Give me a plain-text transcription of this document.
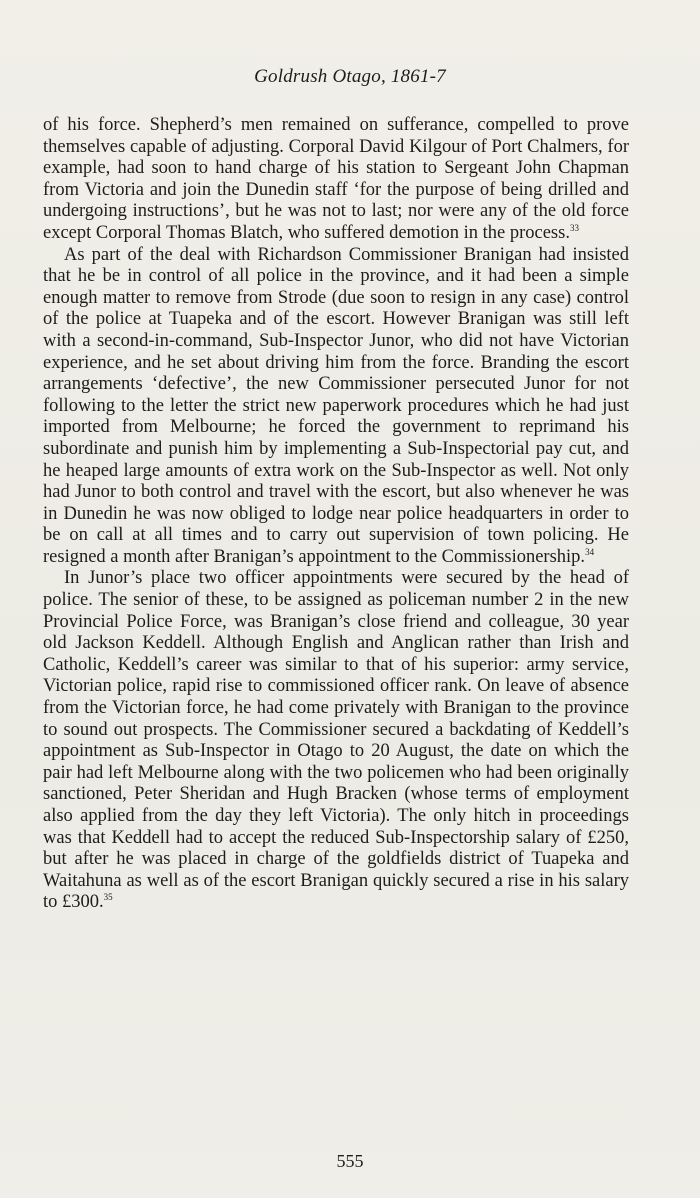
Goldrush Otago, 1861-7

of his force. Shepherd’s men remained on sufferance, compelled to prove themselves capable of adjusting. Corporal David Kilgour of Port Chalmers, for example, had soon to hand charge of his station to Sergeant John Chapman from Victoria and join the Dunedin staff ‘for the purpose of being drilled and undergoing instructions’, but he was not to last; nor were any of the old force except Corporal Thomas Blatch, who suffered demotion in the process.$^{33}$

As part of the deal with Richardson Commissioner Branigan had insisted that he be in control of all police in the province, and it had been a simple enough matter to remove from Strode (due soon to resign in any case) control of the police at Tuapeka and of the escort. However Branigan was still left with a second-in-command, Sub-Inspector Junor, who did not have Victorian experience, and he set about driving him from the force. Branding the escort arrangements ‘defective’, the new Commissioner persecuted Junor for not following to the letter the strict new paperwork procedures which he had just imported from Melbourne; he forced the government to reprimand his subordinate and punish him by implementing a Sub-Inspectorial pay cut, and he heaped large amounts of extra work on the Sub-Inspector as well. Not only had Junor to both control and travel with the escort, but also whenever he was in Dunedin he was now obliged to lodge near police headquarters in order to be on call at all times and to carry out supervision of town policing. He resigned a month after Branigan’s appointment to the Commissionership.$^{34}$

In Junor’s place two officer appointments were secured by the head of police. The senior of these, to be assigned as policeman number 2 in the new Provincial Police Force, was Branigan’s close friend and colleague, 30 year old Jackson Keddell. Although English and Anglican rather than Irish and Catholic, Keddell’s career was similar to that of his superior: army service, Victorian police, rapid rise to commissioned officer rank. On leave of absence from the Victorian force, he had come privately with Branigan to the province to sound out prospects. The Commissioner secured a backdating of Keddell’s appointment as Sub-Inspector in Otago to 20 August, the date on which the pair had left Melbourne along with the two policemen who had been originally sanctioned, Peter Sheridan and Hugh Bracken (whose terms of employment also applied from the day they left Victoria). The only hitch in proceedings was that Keddell had to accept the reduced Sub-Inspectorship salary of £250, but after he was placed in charge of the goldfields district of Tuapeka and Waitahuna as well as of the escort Branigan quickly secured a rise in his salary to £300.35

555
